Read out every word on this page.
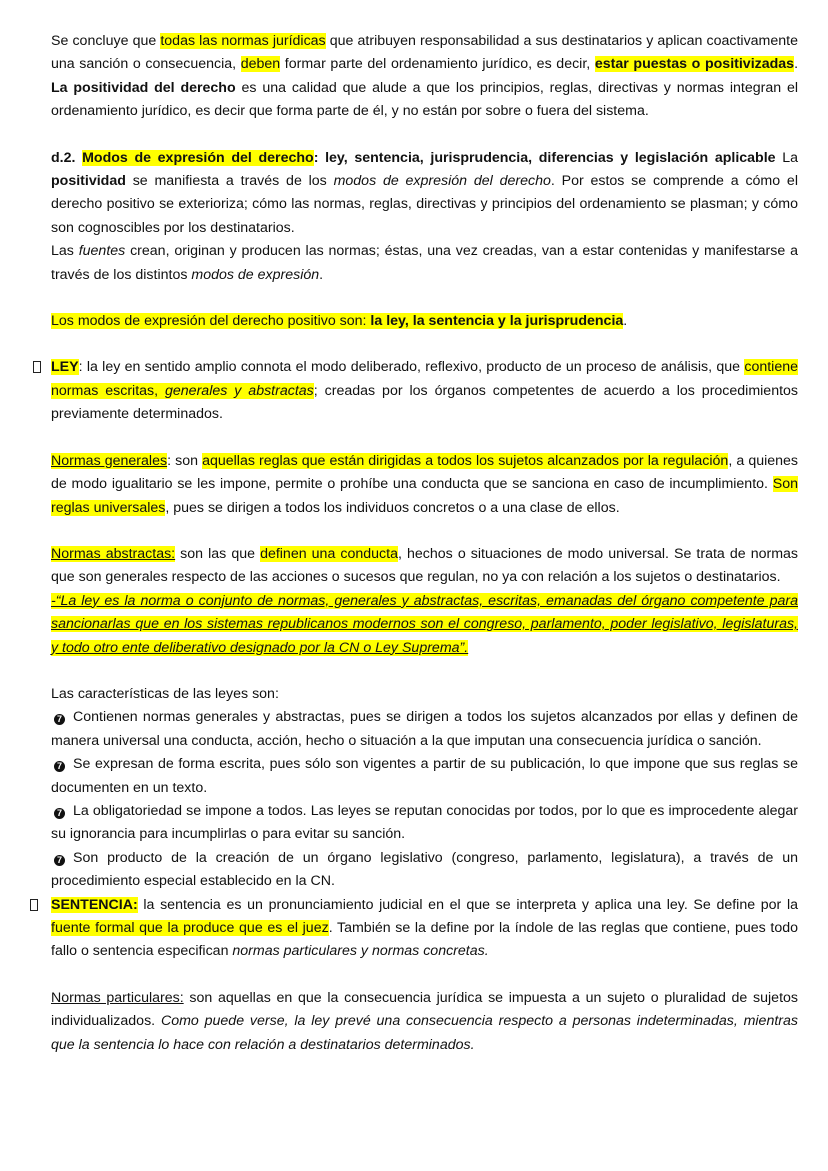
Se concluye que todas las normas jurídicas que atribuyen responsabilidad a sus destinatarios y aplican coactivamente una sanción o consecuencia, deben formar parte del ordenamiento jurídico, es decir, estar puestas o positivizadas. La positividad del derecho es una calidad que alude a que los principios, reglas, directivas y normas integran el ordenamiento jurídico, es decir que forma parte de él, y no están por sobre o fuera del sistema.

d.2. Modos de expresión del derecho: ley, sentencia, jurisprudencia, diferencias y legislación aplicable La positividad se manifiesta a través de los modos de expresión del derecho. Por estos se comprende a cómo el derecho positivo se exterioriza; cómo las normas, reglas, directivas y principios del ordenamiento se plasman; y cómo son cognoscibles por los destinatarios.

Las fuentes crean, originan y producen las normas; éstas, una vez creadas, van a estar contenidas y manifestarse a través de los distintos modos de expresión.

Los modos de expresión del derecho positivo son: la ley, la sentencia y la jurisprudencia.

LEY: la ley en sentido amplio connota el modo deliberado, reflexivo, producto de un proceso de análisis, que contiene normas escritas, generales y abstractas; creadas por los órganos competentes de acuerdo a los procedimientos previamente determinados.

Normas generales: son aquellas reglas que están dirigidas a todos los sujetos alcanzados por la regulación, a quienes de modo igualitario se les impone, permite o prohíbe una conducta que se sanciona en caso de incumplimiento. Son reglas universales, pues se dirigen a todos los individuos concretos o a una clase de ellos.

Normas abstractas: son las que definen una conducta, hechos o situaciones de modo universal. Se trata de normas que son generales respecto de las acciones o sucesos que regulan, no ya con relación a los sujetos o destinatarios.

-“La ley es la norma o conjunto de normas, generales y abstractas, escritas, emanadas del órgano competente para sancionarlas que en los sistemas republicanos modernos son el congreso, parlamento, poder legislativo, legislaturas, y todo otro ente deliberativo designado por la CN o Ley Suprema”.

Las características de las leyes son:

7 Contienen normas generales y abstractas, pues se dirigen a todos los sujetos alcanzados por ellas y definen de manera universal una conducta, acción, hecho o situación a la que imputan una consecuencia jurídica o sanción.

7 Se expresan de forma escrita, pues sólo son vigentes a partir de su publicación, lo que impone que sus reglas se documenten en un texto.

7 La obligatoriedad se impone a todos. Las leyes se reputan conocidas por todos, por lo que es improcedente alegar su ignorancia para incumplirlas o para evitar su sanción.

7 Son producto de la creación de un órgano legislativo (congreso, parlamento, legislatura), a través de un procedimiento especial establecido en la CN.

SENTENCIA: la sentencia es un pronunciamiento judicial en el que se interpreta y aplica una ley. Se define por la fuente formal que la produce que es el juez. También se la define por la índole de las reglas que contiene, pues todo fallo o sentencia especifican normas particulares y normas concretas.

Normas particulares: son aquellas en que la consecuencia jurídica se impuesta a un sujeto o pluralidad de sujetos individualizados. Como puede verse, la ley prevé una consecuencia respecto a personas indeterminadas, mientras que la sentencia lo hace con relación a destinatarios determinados.
